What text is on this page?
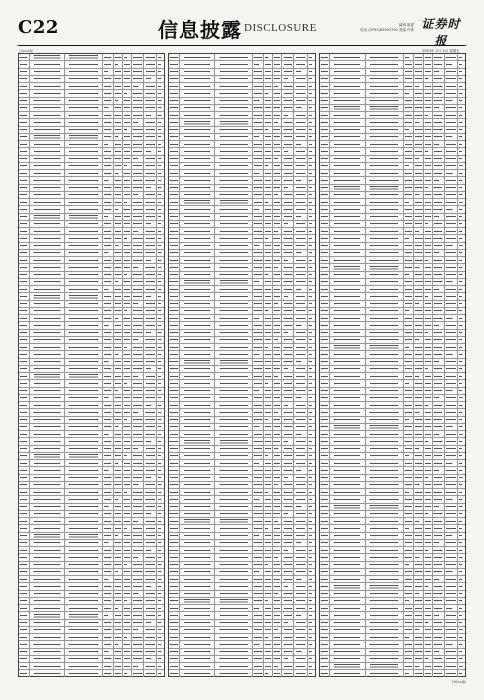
C22	信息披露 DISCLOSURE	编辑 姚夏
电话 (0755)83501750 美编 许伟 证券时报
2013年 2月 1日 星期五
上接C21版
下转C23版
